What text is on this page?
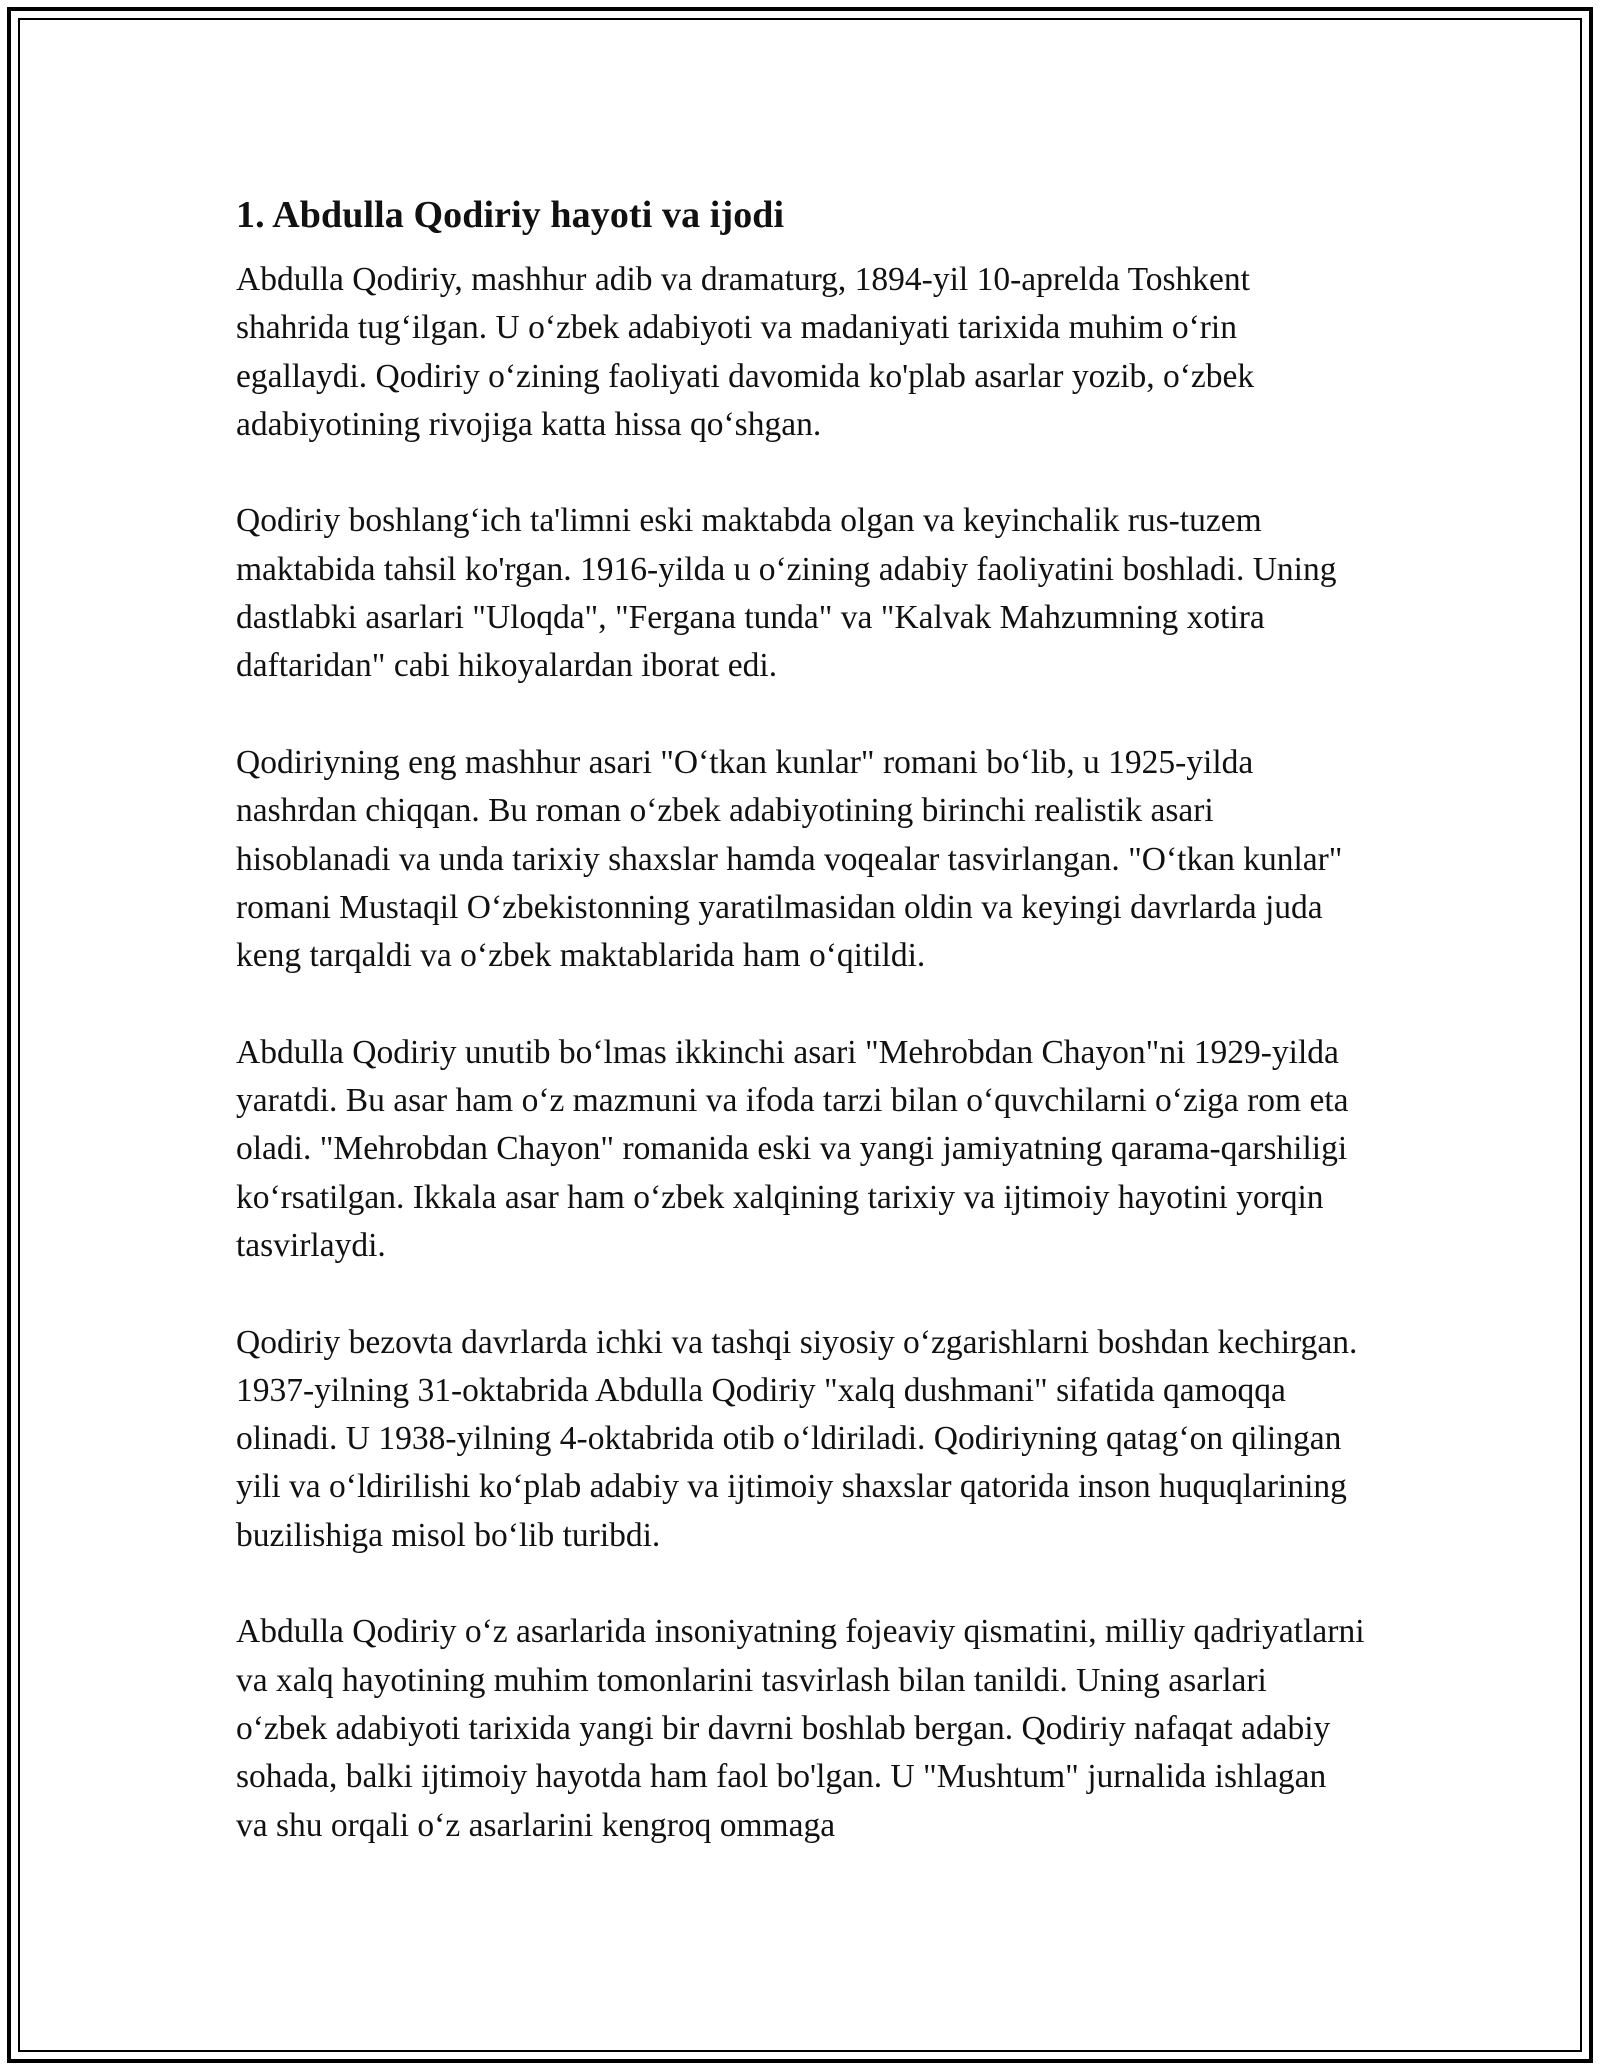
1. Abdulla Qodiriy hayoti va ijodi

Abdulla Qodiriy, mashhur adib va dramaturg, 1894-yil 10-aprelda Toshkent shahrida tug‘ilgan. U o‘zbek adabiyoti va madaniyati tarixida muhim o‘rin egallaydi. Qodiriy o‘zining faoliyati davomida ko'plab asarlar yozib, o‘zbek adabiyotining rivojiga katta hissa qo‘shgan.

Qodiriy boshlang‘ich ta'limni eski maktabda olgan va keyinchalik rus-tuzem maktabida tahsil ko'rgan. 1916-yilda u o‘zining adabiy faoliyatini boshladi. Uning dastlabki asarlari "Uloqda", "Fergana tunda" va "Kalvak Mahzumning xotira daftaridan" cabi hikoyalardan iborat edi.

Qodiriyning eng mashhur asari "O‘tkan kunlar" romani bo‘lib, u 1925-yilda nashrdan chiqqan. Bu roman o‘zbek adabiyotining birinchi realistik asari hisoblanadi va unda tarixiy shaxslar hamda voqealar tasvirlangan. "O‘tkan kunlar" romani Mustaqil O‘zbekistonning yaratilmasidan oldin va keyingi davrlarda juda keng tarqaldi va o‘zbek maktablarida ham o‘qitildi.

Abdulla Qodiriy unutib bo‘lmas ikkinchi asari "Mehrobdan Chayon"ni 1929-yilda yaratdi. Bu asar ham o‘z mazmuni va ifoda tarzi bilan o‘quvchilarni o‘ziga rom eta oladi. "Mehrobdan Chayon" romanida eski va yangi jamiyatning qarama-qarshiligi ko‘rsatilgan. Ikkala asar ham o‘zbek xalqining tarixiy va ijtimoiy hayotini yorqin tasvirlaydi.

Qodiriy bezovta davrlarda ichki va tashqi siyosiy o‘zgarishlarni boshdan kechirgan. 1937-yilning 31-oktabrida Abdulla Qodiriy "xalq dushmani" sifatida qamoqqa olinadi. U 1938-yilning 4-oktabrida otib o‘ldiriladi. Qodiriyning qatag‘on qilingan yili va o‘ldirilishi ko‘plab adabiy va ijtimoiy shaxslar qatorida inson huquqlarining buzilishiga misol bo‘lib turibdi.

Abdulla Qodiriy o‘z asarlarida insoniyatning fojeaviy qismatini, milliy qadriyatlarni va xalq hayotining muhim tomonlarini tasvirlash bilan tanildi. Uning asarlari o‘zbek adabiyoti tarixida yangi bir davrni boshlab bergan. Qodiriy nafaqat adabiy sohada, balki ijtimoiy hayotda ham faol bo'lgan. U "Mushtum" jurnalida ishlagan va shu orqali o‘z asarlarini kengroq ommaga
